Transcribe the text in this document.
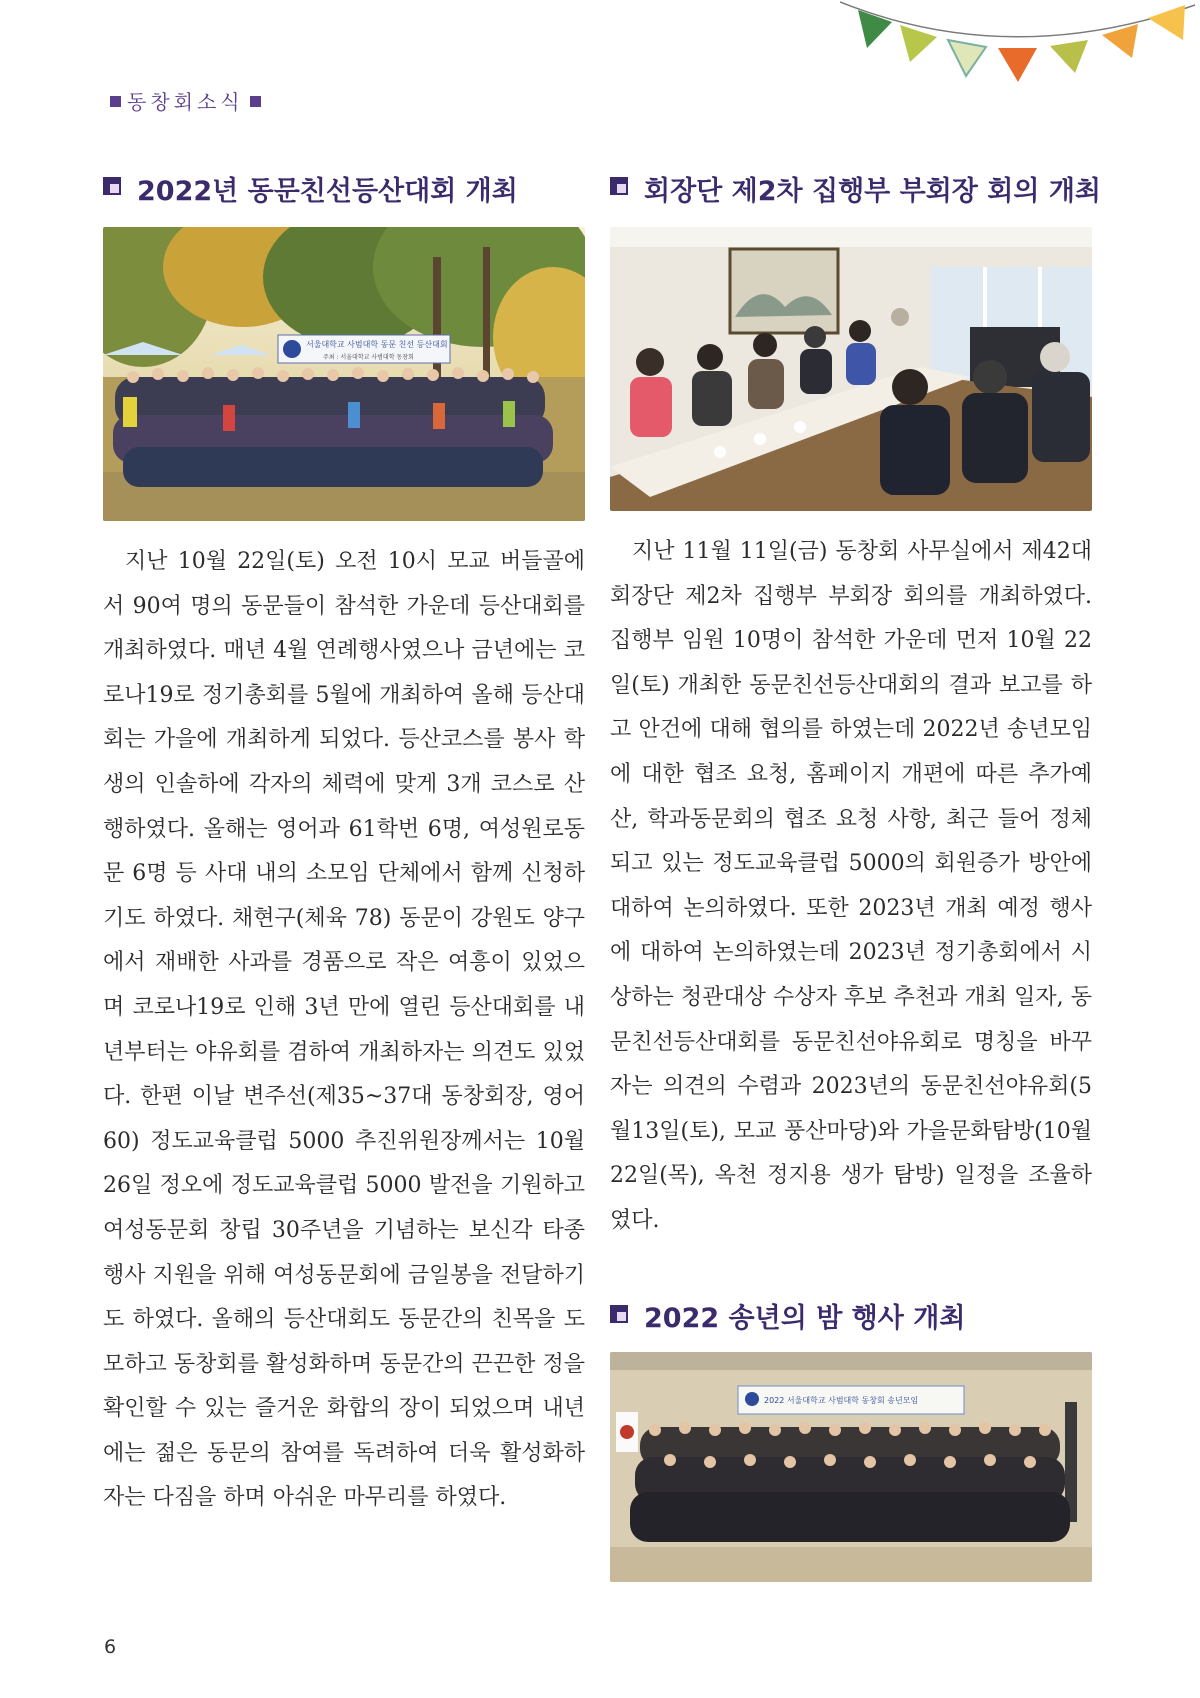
동창회소식
2022년 동문친선등산대회 개최
서울대학교 사범대학 동문 친선 등산대회
주최 : 서울대학교 사범대학 동창회

지난 10월 22일(토) 오전 10시 모교 버들골에서 90여 명의 동문들이 참석한 가운데 등산대회를 개최하였다. 매년 4월 연례행사였으나 금년에는 코로나19로 정기총회를 5월에 개최하여 올해 등산대회는 가을에 개최하게 되었다. 등산코스를 봉사 학생의 인솔하에 각자의 체력에 맞게 3개 코스로 산행하였다. 올해는 영어과 61학번 6명, 여성원로동문 6명 등 사대 내의 소모임 단체에서 함께 신청하기도 하였다. 채현구(체육 78) 동문이 강원도 양구에서 재배한 사과를 경품으로 작은 여흥이 있었으며 코로나19로 인해 3년 만에 열린 등산대회를 내년부터는 야유회를 겸하여 개최하자는 의견도 있었다. 한편 이날 변주선(제35~37대 동창회장, 영어 60) 정도교육클럽 5000 추진위원장께서는 10월 26일 정오에 정도교육클럽 5000 발전을 기원하고 여성동문회 창립 30주년을 기념하는 보신각 타종 행사 지원을 위해 여성동문회에 금일봉을 전달하기도 하였다. 올해의 등산대회도 동문간의 친목을 도모하고 동창회를 활성화하며 동문간의 끈끈한 정을 확인할 수 있는 즐거운 화합의 장이 되었으며 내년에는 젊은 동문의 참여를 독려하여 더욱 활성화하자는 다짐을 하며 아쉬운 마무리를 하였다.

회장단 제2차 집행부 부회장 회의 개최

지난 11월 11일(금) 동창회 사무실에서 제42대 회장단 제2차 집행부 부회장 회의를 개최하였다. 집행부 임원 10명이 참석한 가운데 먼저 10월 22일(토) 개최한 동문친선등산대회의 결과 보고를 하고 안건에 대해 협의를 하였는데 2022년 송년모임에 대한 협조 요청, 홈페이지 개편에 따른 추가예산, 학과동문회의 협조 요청 사항, 최근 들어 정체되고 있는 정도교육클럽 5000의 회원증가 방안에 대하여 논의하였다. 또한 2023년 개최 예정 행사에 대하여 논의하였는데 2023년 정기총회에서 시상하는 청관대상 수상자 후보 추천과 개최 일자, 동문친선등산대회를 동문친선야유회로 명칭을 바꾸자는 의견의 수렴과 2023년의 동문친선야유회(5월13일(토), 모교 풍산마당)와 가을문화탐방(10월22일(목), 옥천 정지용 생가 탐방) 일정을 조율하였다.

2022 송년의 밤 행사 개최
2022 서울대학교 사범대학 동창회 송년모임
6
